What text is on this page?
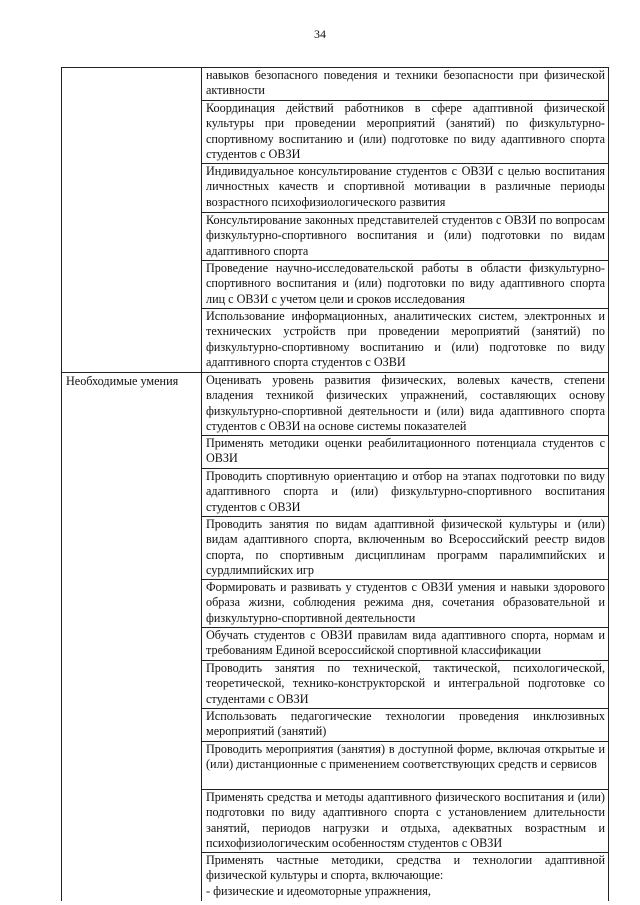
34
навыков безопасного поведения и техники безопасности при физической активности
Координация действий работников в сфере адаптивной физической культуры при проведении мероприятий (занятий) по физкультурно-спортивному воспитанию и (или) подготовке по виду адаптивного спорта студентов с ОВЗИ
Индивидуальное консультирование студентов с ОВЗИ с целью воспитания личностных качеств и спортивной мотивации в различные периоды возрастного психофизиологического развития
Консультирование законных представителей студентов с ОВЗИ по вопросам физкультурно-спортивного воспитания и (или) подготовки по видам адаптивного спорта
Проведение научно-исследовательской работы в области физкультурно-спортивного воспитания и (или) подготовки по виду адаптивного спорта лиц с ОВЗИ с учетом цели и сроков исследования
Использование информационных, аналитических систем, электронных и технических устройств при проведении мероприятий (занятий) по физкультурно-спортивному воспитанию и (или) подготовке по виду адаптивного спорта студентов с ОЗВИ
Необходимые умения	Оценивать уровень развития физических, волевых качеств, степени владения техникой физических упражнений, составляющих основу физкультурно-спортивной деятельности и (или) вида адаптивного спорта студентов с ОВЗИ на основе системы показателей
Применять методики оценки реабилитационного потенциала студентов с ОВЗИ
Проводить спортивную ориентацию и отбор на этапах подготовки по виду адаптивного спорта и (или) физкультурно-спортивного воспитания студентов с ОВЗИ
Проводить занятия по видам адаптивной физической культуры и (или) видам адаптивного спорта, включенным во Всероссийский реестр видов спорта, по спортивным дисциплинам программ паралимпийских и сурдлимпийских игр
Формировать и развивать у студентов с ОВЗИ умения и навыки здорового образа жизни, соблюдения режима дня, сочетания образовательной и физкультурно-спортивной деятельности
Обучать студентов с ОВЗИ правилам вида адаптивного спорта, нормам и требованиям Единой всероссийской спортивной классификации
Проводить занятия по технической, тактической, психологической, теоретической, технико-конструкторской и интегральной подготовке со студентами с ОВЗИ
Использовать педагогические технологии проведения инклюзивных мероприятий (занятий)
Проводить мероприятия (занятия) в доступной форме, включая открытые и (или) дистанционные с применением соответствующих средств и сервисов
Применять средства и методы адаптивного физического воспитания и (или) подготовки по виду адаптивного спорта с установлением длительности занятий, периодов нагрузки и отдыха, адекватных возрастным и психофизиологическим особенностям студентов с ОВЗИ
Применять частные методики, средства и технологии адаптивной физической культуры и спорта, включающие:
- физические и идеомоторные упражнения,
